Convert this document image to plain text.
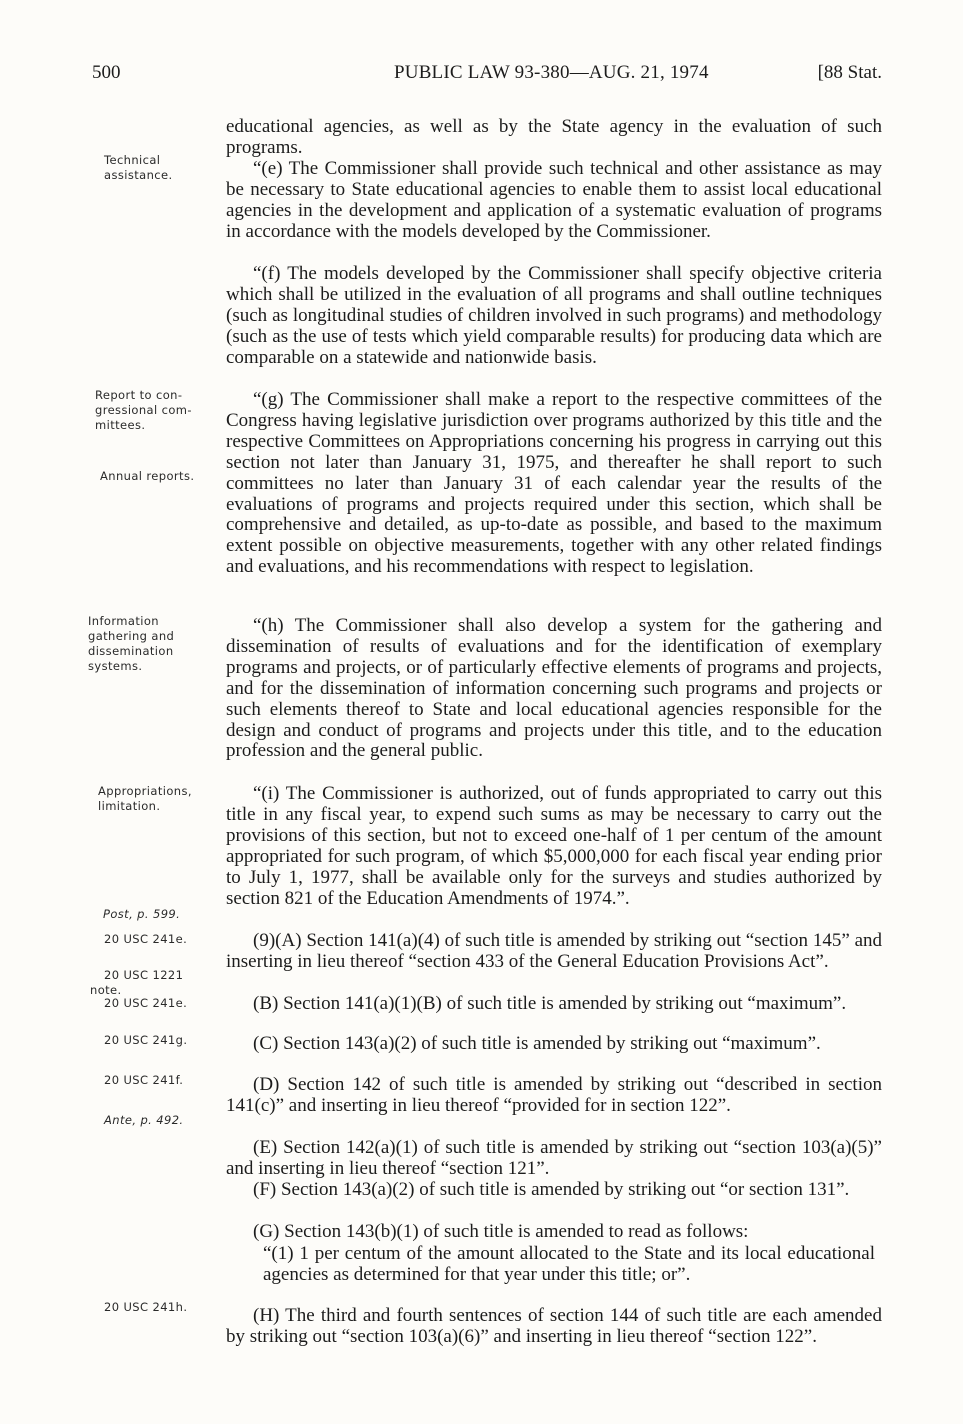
500	PUBLIC LAW 93-380—AUG. 21, 1974	[88 Stat.
Technical
assistance.
Report to con-
gressional com-
mittees.
Annual reports.
Information
gathering and
dissemination
systems.
Appropriations,
limitation.
Post, p. 599.
20 USC 241e.
20 USC 1221
note.
20 USC 241e.
20 USC 241g.
20 USC 241f.
Ante, p. 492.
20 USC 241h.

educational agencies, as well as by the State agency in the evaluation of such programs.

“(e) The Commissioner shall provide such technical and other assistance as may be necessary to State educational agencies to enable them to assist local educational agencies in the development and application of a systematic evaluation of programs in accordance with the models developed by the Commissioner.

“(f) The models developed by the Commissioner shall specify objective criteria which shall be utilized in the evaluation of all programs and shall outline techniques (such as longitudinal studies of children involved in such programs) and methodology (such as the use of tests which yield comparable results) for producing data which are comparable on a statewide and nationwide basis.

“(g) The Commissioner shall make a report to the respective committees of the Congress having legislative jurisdiction over programs authorized by this title and the respective Committees on Appropriations concerning his progress in carrying out this section not later than January 31, 1975, and thereafter he shall report to such committees no later than January 31 of each calendar year the results of the evaluations of programs and projects required under this section, which shall be comprehensive and detailed, as up-to-date as possible, and based to the maximum extent possible on objective measurements, together with any other related findings and evaluations, and his recommendations with respect to legislation.

“(h) The Commissioner shall also develop a system for the gathering and dissemination of results of evaluations and for the identification of exemplary programs and projects, or of particularly effective elements of programs and projects, and for the dissemination of information concerning such programs and projects or such elements thereof to State and local educational agencies responsible for the design and conduct of programs and projects under this title, and to the education profession and the general public.

“(i) The Commissioner is authorized, out of funds appropriated to carry out this title in any fiscal year, to expend such sums as may be necessary to carry out the provisions of this section, but not to exceed one-half of 1 per centum of the amount appropriated for such program, of which $5,000,000 for each fiscal year ending prior to July 1, 1977, shall be available only for the surveys and studies authorized by section 821 of the Education Amendments of 1974.”.

(9)(A) Section 141(a)(4) of such title is amended by striking out “section 145” and inserting in lieu thereof “section 433 of the General Education Provisions Act”.

(B) Section 141(a)(1)(B) of such title is amended by striking out “maximum”.

(C) Section 143(a)(2) of such title is amended by striking out “maximum”.

(D) Section 142 of such title is amended by striking out “described in section 141(c)” and inserting in lieu thereof “provided for in section 122”.

(E) Section 142(a)(1) of such title is amended by striking out “section 103(a)(5)” and inserting in lieu thereof “section 121”.

(F) Section 143(a)(2) of such title is amended by striking out “or section 131”.

(G) Section 143(b)(1) of such title is amended to read as follows:

“(1) 1 per centum of the amount allocated to the State and its local educational agencies as determined for that year under this title; or”.

(H) The third and fourth sentences of section 144 of such title are each amended by striking out “section 103(a)(6)” and inserting in lieu thereof “section 122”.
